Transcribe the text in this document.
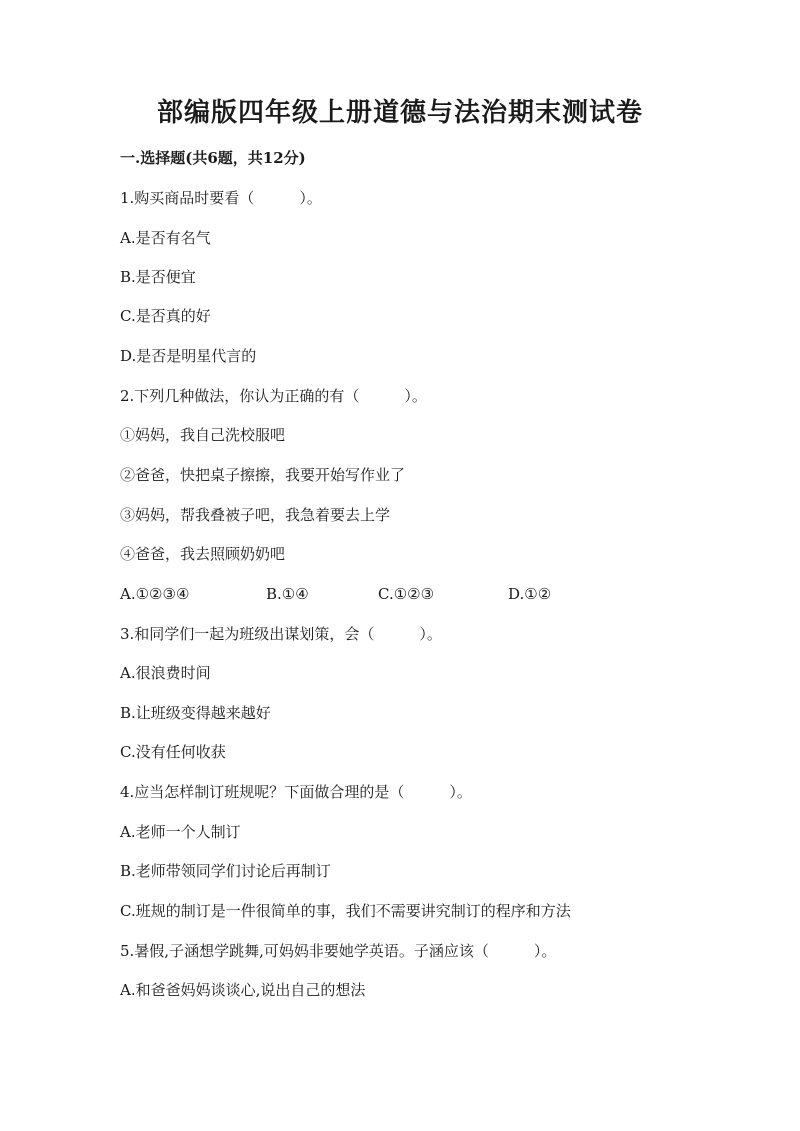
部编版四年级上册道德与法治期末测试卷
一.选择题(共6题，共12分)
1.购买商品时要看（　　　）。
A.是否有名气
B.是否便宜
C.是否真的好
D.是否是明星代言的
2.下列几种做法，你认为正确的有（　　　）。
①妈妈，我自己洗校服吧
②爸爸，快把桌子擦擦，我要开始写作业了
③妈妈，帮我叠被子吧，我急着要去上学
④爸爸，我去照顾奶奶吧
A.①②③④	B.①④	C.①②③	D.①②
3.和同学们一起为班级出谋划策，会（　　　）。
A.很浪费时间
B.让班级变得越来越好
C.没有任何收获
4.应当怎样制订班规呢？下面做合理的是（　　　）。
A.老师一个人制订
B.老师带领同学们讨论后再制订
C.班规的制订是一件很简单的事，我们不需要讲究制订的程序和方法
5.暑假,子涵想学跳舞,可妈妈非要她学英语。子涵应该（　　　）。
A.和爸爸妈妈谈谈心,说出自己的想法
